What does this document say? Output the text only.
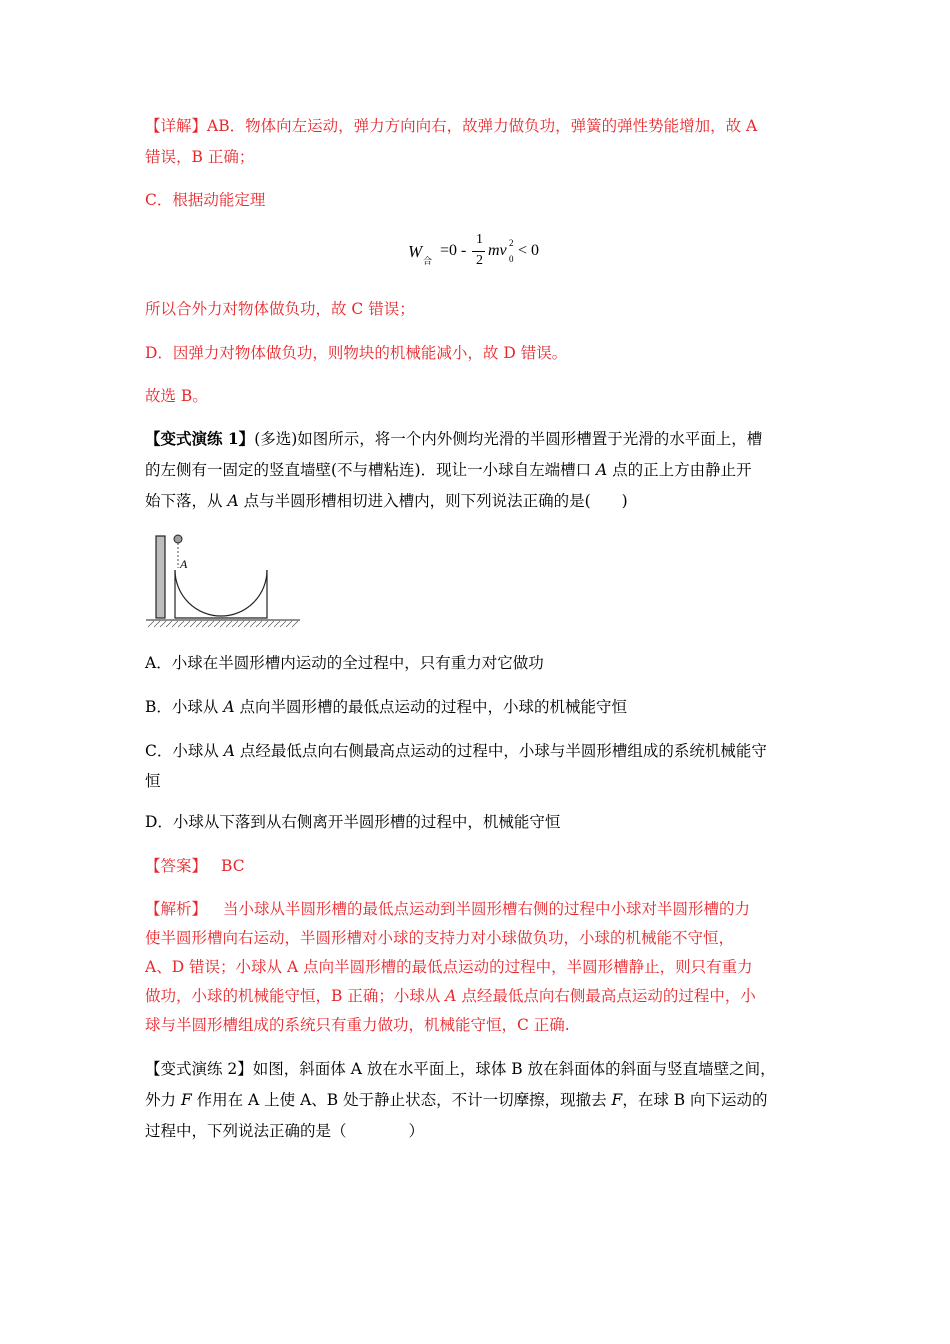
【详解】AB．物体向左运动，弹力方向向右，故弹力做负功，弹簧的弹性势能增加，故 A
错误，B 正确；
C．根据动能定理
W 合
=0 -
1
2
mv 2
0 < 0
所以合外力对物体做负功，故 C 错误；
D．因弹力对物体做负功，则物块的机械能减小，故 D 错误。
故选 B。
【变式演练 1】(多选)如图所示，将一个内外侧均光滑的半圆形槽置于光滑的水平面上，槽
的左侧有一固定的竖直墙壁(不与槽粘连)．现让一小球自左端槽口 A 点的正上方由静止开
始下落，从 A 点与半圆形槽相切进入槽内，则下列说法正确的是(　　)
A
A．小球在半圆形槽内运动的全过程中，只有重力对它做功
B．小球从 A 点向半圆形槽的最低点运动的过程中，小球的机械能守恒
C．小球从 A 点经最低点向右侧最高点运动的过程中，小球与半圆形槽组成的系统机械能守
恒
D．小球从下落到从右侧离开半圆形槽的过程中，机械能守恒
【答案】 BC
【解析】 当小球从半圆形槽的最低点运动到半圆形槽右侧的过程中小球对半圆形槽的力
使半圆形槽向右运动，半圆形槽对小球的支持力对小球做负功，小球的机械能不守恒，
A、D 错误；小球从 A 点向半圆形槽的最低点运动的过程中，半圆形槽静止，则只有重力
做功，小球的机械能守恒，B 正确；小球从 A 点经最低点向右侧最高点运动的过程中，小
球与半圆形槽组成的系统只有重力做功，机械能守恒，C 正确.
【变式演练 2】如图，斜面体 A 放在水平面上，球体 B 放在斜面体的斜面与竖直墙壁之间，
外力 F 作用在 A 上使 A、B 处于静止状态，不计一切摩擦，现撤去 F，在球 B 向下运动的
过程中，下列说法正确的是（　　　　）
